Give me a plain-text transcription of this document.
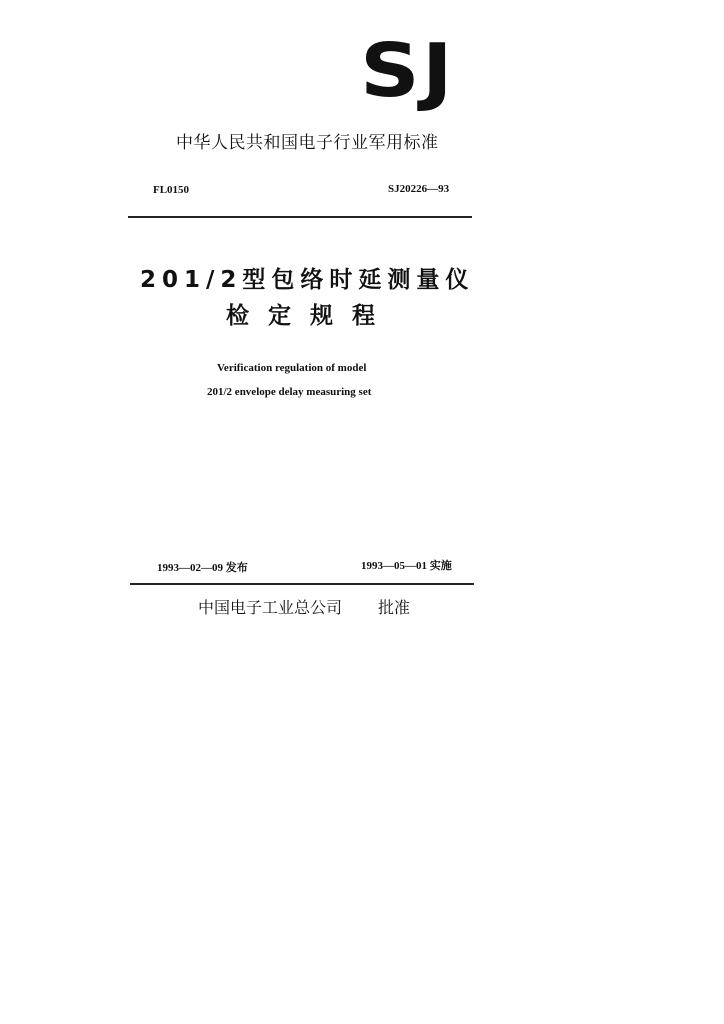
SJ
中华人民共和国电子行业军用标准
FL0150	SJ20226—93
201/2型包络时延测量仪
检定规程
Verification regulation of model
201/2 envelope delay measuring set
1993—02—09 发布	1993—05—01 实施
中国电子工业总公司 批准
